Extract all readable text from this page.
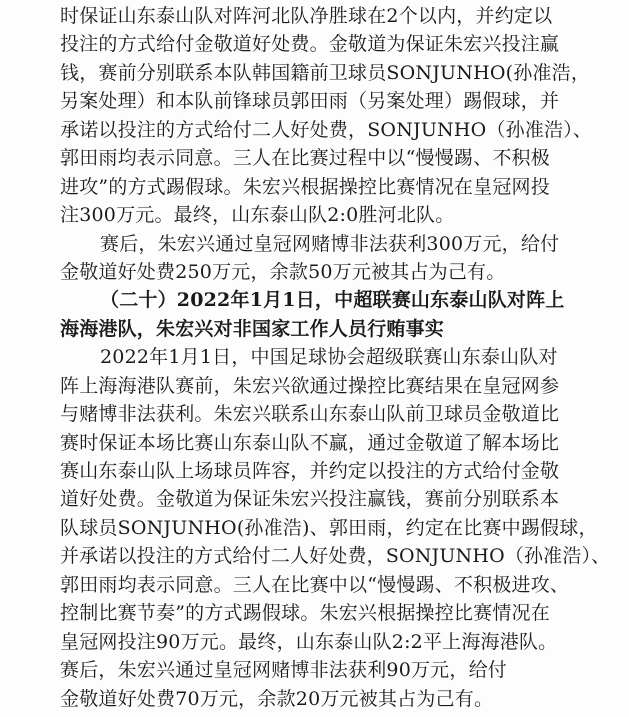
时保证山东泰山队对阵河北队净胜球在2个以内，并约定以
投注的方式给付金敬道好处费。金敬道为保证朱宏兴投注赢
钱，赛前分别联系本队韩国籍前卫球员SONJUNHO(孙准浩，
另案处理）和本队前锋球员郭田雨（另案处理）踢假球，并
承诺以投注的方式给付二人好处费，SONJUNHO（孙准浩）、
郭田雨均表示同意。三人在比赛过程中以“慢慢踢、不积极
进攻”的方式踢假球。朱宏兴根据操控比赛情况在皇冠网投
注300万元。最终，山东泰山队2:0胜河北队。
赛后，朱宏兴通过皇冠网赌博非法获利300万元，给付
金敬道好处费250万元，余款50万元被其占为己有。
（二十）2022年1月1日，中超联赛山东泰山队对阵上
海海港队，朱宏兴对非国家工作人员行贿事实
2022年1月1日，中国足球协会超级联赛山东泰山队对
阵上海海港队赛前，朱宏兴欲通过操控比赛结果在皇冠网参
与赌博非法获利。朱宏兴联系山东泰山队前卫球员金敬道比
赛时保证本场比赛山东泰山队不赢，通过金敬道了解本场比
赛山东泰山队上场球员阵容，并约定以投注的方式给付金敬
道好处费。金敬道为保证朱宏兴投注赢钱，赛前分别联系本
队球员SONJUNHO(孙准浩)、郭田雨，约定在比赛中踢假球，
并承诺以投注的方式给付二人好处费，SONJUNHO（孙准浩）、
郭田雨均表示同意。三人在比赛中以“慢慢踢、不积极进攻、
控制比赛节奏”的方式踢假球。朱宏兴根据操控比赛情况在
皇冠网投注90万元。最终，山东泰山队2:2平上海海港队。
赛后，朱宏兴通过皇冠网赌博非法获利90万元，给付
金敬道好处费70万元，余款20万元被其占为己有。
